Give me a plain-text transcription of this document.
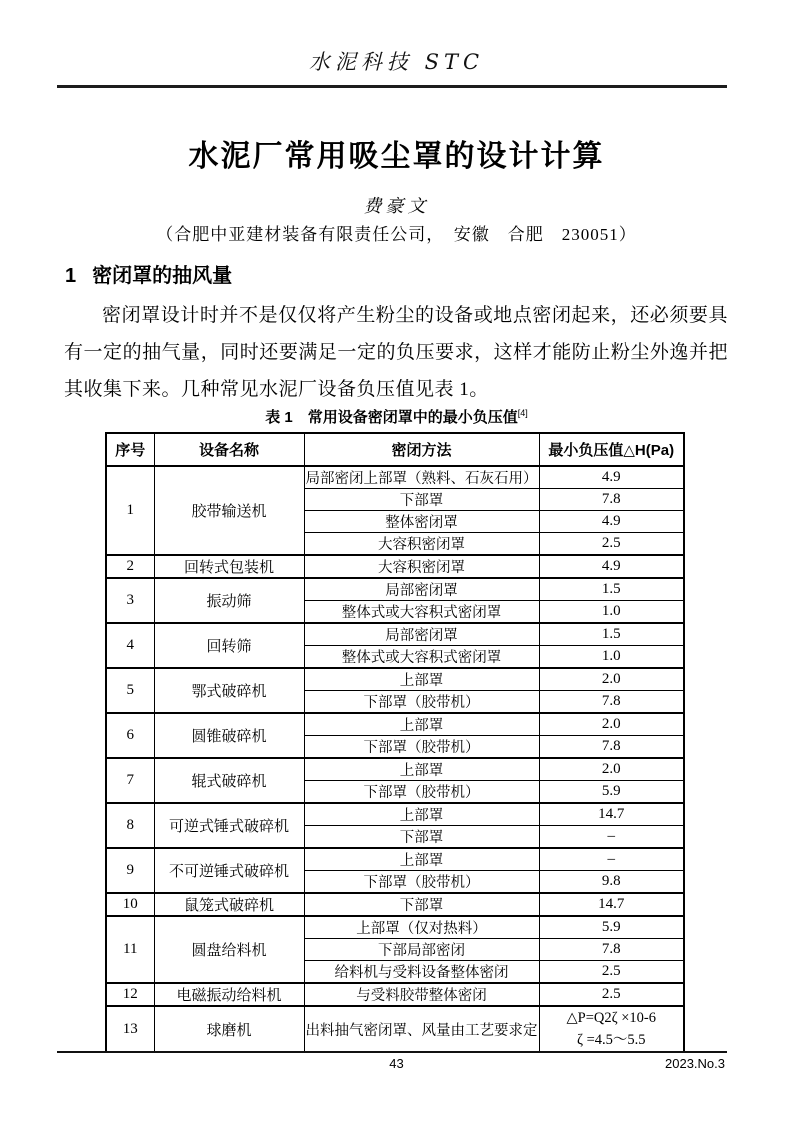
水泥科技 STC
水泥厂常用吸尘罩的设计计算
费豪文
（合肥中亚建材装备有限责任公司，　安徽　合肥　230051）
1 密闭罩的抽风量

密闭罩设计时并不是仅仅将产生粉尘的设备或地点密闭起来，还必须要具有一定的抽气量，同时还要满足一定的负压要求，这样才能防止粉尘外逸并把其收集下来。几种常见水泥厂设备负压值见表 1。

表 1　常用设备密闭罩中的最小负压值[4]
序号	设备名称	密闭方法	最小负压值△H(Pa)
1	胶带输送机	局部密闭上部罩（熟料、石灰石用）	4.9
		下部罩	7.8
		整体密闭罩	4.9
		大容积密闭罩	2.5
2	回转式包装机	大容积密闭罩	4.9
3	振动筛	局部密闭罩	1.5
		整体式或大容积式密闭罩	1.0
4	回转筛	局部密闭罩	1.5
		整体式或大容积式密闭罩	1.0
5	鄂式破碎机	上部罩	2.0
		下部罩（胶带机）	7.8
6	圆锥破碎机	上部罩	2.0
		下部罩（胶带机）	7.8
7	辊式破碎机	上部罩	2.0
		下部罩（胶带机）	5.9
8	可逆式锤式破碎机	上部罩	14.7
		下部罩	–
9	不可逆锤式破碎机	上部罩	–
		下部罩（胶带机）	9.8
10	鼠笼式破碎机	下部罩	14.7
11	圆盘给料机	上部罩（仅对热料）	5.9
		下部局部密闭	7.8
		给料机与受料设备整体密闭	2.5
12	电磁振动给料机	与受料胶带整体密闭	2.5
13	球磨机	出料抽气密闭罩、风量由工艺要求定	△P=Q2ζ ×10-6
ζ =4.5～5.5
43	2023.No.3
